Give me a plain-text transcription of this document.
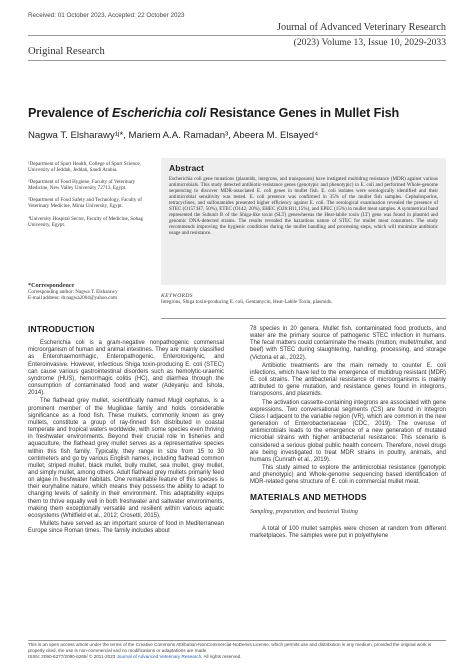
Received: 01 October 2023, Accepted: 22 October 2023
Journal of Advanced Veterinary Research
(2023) Volume 13, Issue 10, 2029-2033
Original Research
Prevalence of Escherichia coli Resistance Genes in Mullet Fish
Nagwa T. Elsharawy¹ʲ*, Mariem A.A. Ramadan³, Abeera M. Elsayed⁴

¹Department of Sport Health, College of Sport Science, University of Jeddah, Jeddah, Saudi Arabia.

²Department of Food Hygiene, Faculty of Veterinary Medicine, New Valley University 72713, Egypt.

³Department of Food Safety and Technology, Faculty of Veterinary Medicine, Minia University, Egypt.

⁴University Hospital Sector, Faculty of Medicine, Sohag University, Egypt.

*Correspondence
Corresponding author: Nagwa T. Elsharawy
E-mail address: dr.nagwa2004@yahoo.com
Abstract
Escherichia coli gene mutations (plasmids, integrons, and transposons) have instigated multidrug resistance (MDR) against various antimicrobials. This study detected antibiotic-resistance genes (genotypic and phenotypic) in E. coli and performed Whole-genome sequencing to discover MDR-associated E. coli genes in mullet fish. E. coli isolates were serologically identified and their antimicrobial sensitivity was tested. E. coli presence was confirmed in 35% of the mullet fish samples. Cephalosporins, tetracyclines, and sulfonamides presented higher efficiency against E. coli. The serological examination revealed the presence of STEC (O157:H7, 50%), ETEC (O142, 20%), EHEC (O26:H11,15%), and EPEC (15%) in mullet meat samples. A symmetrical band represented the Subunit B of the Shiga-like toxin (SLT) genewhereas the Heat-labile toxin (LT) gene was found in plasmid and genomic DNA-detected strains. The results revealed the hazardous nature of STEC for mullet meat consumers. The study recommends improving the hygienic conditions during the mullet handling and processing steps, which will minimize antibiotic usage and resistance.
KEYWORDS
Integrons, Shiga toxin-producing E. coli, Gentamycin, Heat-Labile Toxin, plasmids.
INTRODUCTION

Escherichia coli is a gram-negative nonpathogenic commensal microorganism of human and animal intestines. They are mainly classified as Enterohaemorrhagic, Enteropathogenic, Enterotoxigenic, and Enteroinvasive. However, infectious Shiga toxin-producing E. coli (STEC) can cause various gastrointestinal disorders such as hemolytic-uraemic syndrome (HUS), hemorrhagic colitis (HC), and diarrhea through the consumption of contaminated food and water (Adeyanju and Ishola, 2014).

The flathead grey mullet, scientifically named Mugil cephalus, is a prominent member of the Mugilidae family and holds considerable significance as a food fish. These mullets, commonly known as grey mullets, constitute a group of ray-finned fish distributed in coastal temperate and tropical waters worldwide, with some species even thriving in freshwater environments. Beyond their crucial role in fisheries and aquaculture, the flathead grey mullet serves as a representative species within this fish family. Typically, they range in size from 15 to 30 centimeters and go by various English names, including flathead common mullet, striped mullet, black mullet, bully mullet, sea mullet, grey mullet, and simply mullet, among others. Adult flathead grey mullets primarily feed on algae in freshwater habitats. One remarkable feature of this species is their euryhaline nature, which means they possess the ability to adapt to changing levels of salinity in their environment. This adaptability equips them to thrive equally well in both freshwater and saltwater environments, making them exceptionally versatile and resilient within various aquatic ecosystems (Whitfield et al., 2012; Crosetti, 2015).

Mullets have served as an important source of food in Mediterranean Europe since Roman times. The family includes about

78 species in 20 genera. Mullet fish, contaminated food products, and water are the primary source of pathogenic STEC infection in humans. The fecal matters could contaminate the meats (mutton, mullet/mullet, and beef) with STEC during slaughtering, handling, processing, and storage (Victoria et al., 2022).

Antibiotic treatments are the main remedy to counter E. coli infections, which have led to the emergence of multidrug resistant (MDR) E. coli strains. The antibacterial resistance of microorganisms is mainly attributed to gene mutation, and resistance genes found in integrons, transposons, and plasmids.

The activation cassette-containing integrons are associated with gene expressions. Two conversational segments (CS) are found in Integron Class I adjacent to the variable region (VR), which are common in the new generation of Enterobacteriaceae (CDC, 2019). The overuse of antimicrobials leads to the emergence of a new generation of mutated microbial strains with higher antibacterial resistance. This scenario is considered a serious global public health concern. Therefore, novel drugs are being investigated to treat MDR strains in poultry, animals, and humans (Cunrath et al., 2019).

This study aimed to explore the antimicrobial resistance (genotypic and phenotypic) and Whole-genome sequencing based identification of MDR-related gene structure of E. coli in commercial mullet meat.

MATERIALS AND METHODS
Sampling, preparation, and bacterial Testing

A total of 100 mullet samples were chosen at random from different marketplaces. The samples were put in polyethylene

This is an open access article under the terms of the Creative Commons Attribution-NonCommercial-NoDerivs License, which permits use and distribution in any medium, provided the original work is properly cited, the use is non-commercial and no modifications or adaptations are made.
ISSN: 2090-6277/2090-6269/ © 2011-2023 Journal of Advanced Veterinary Research. All rights reserved.
